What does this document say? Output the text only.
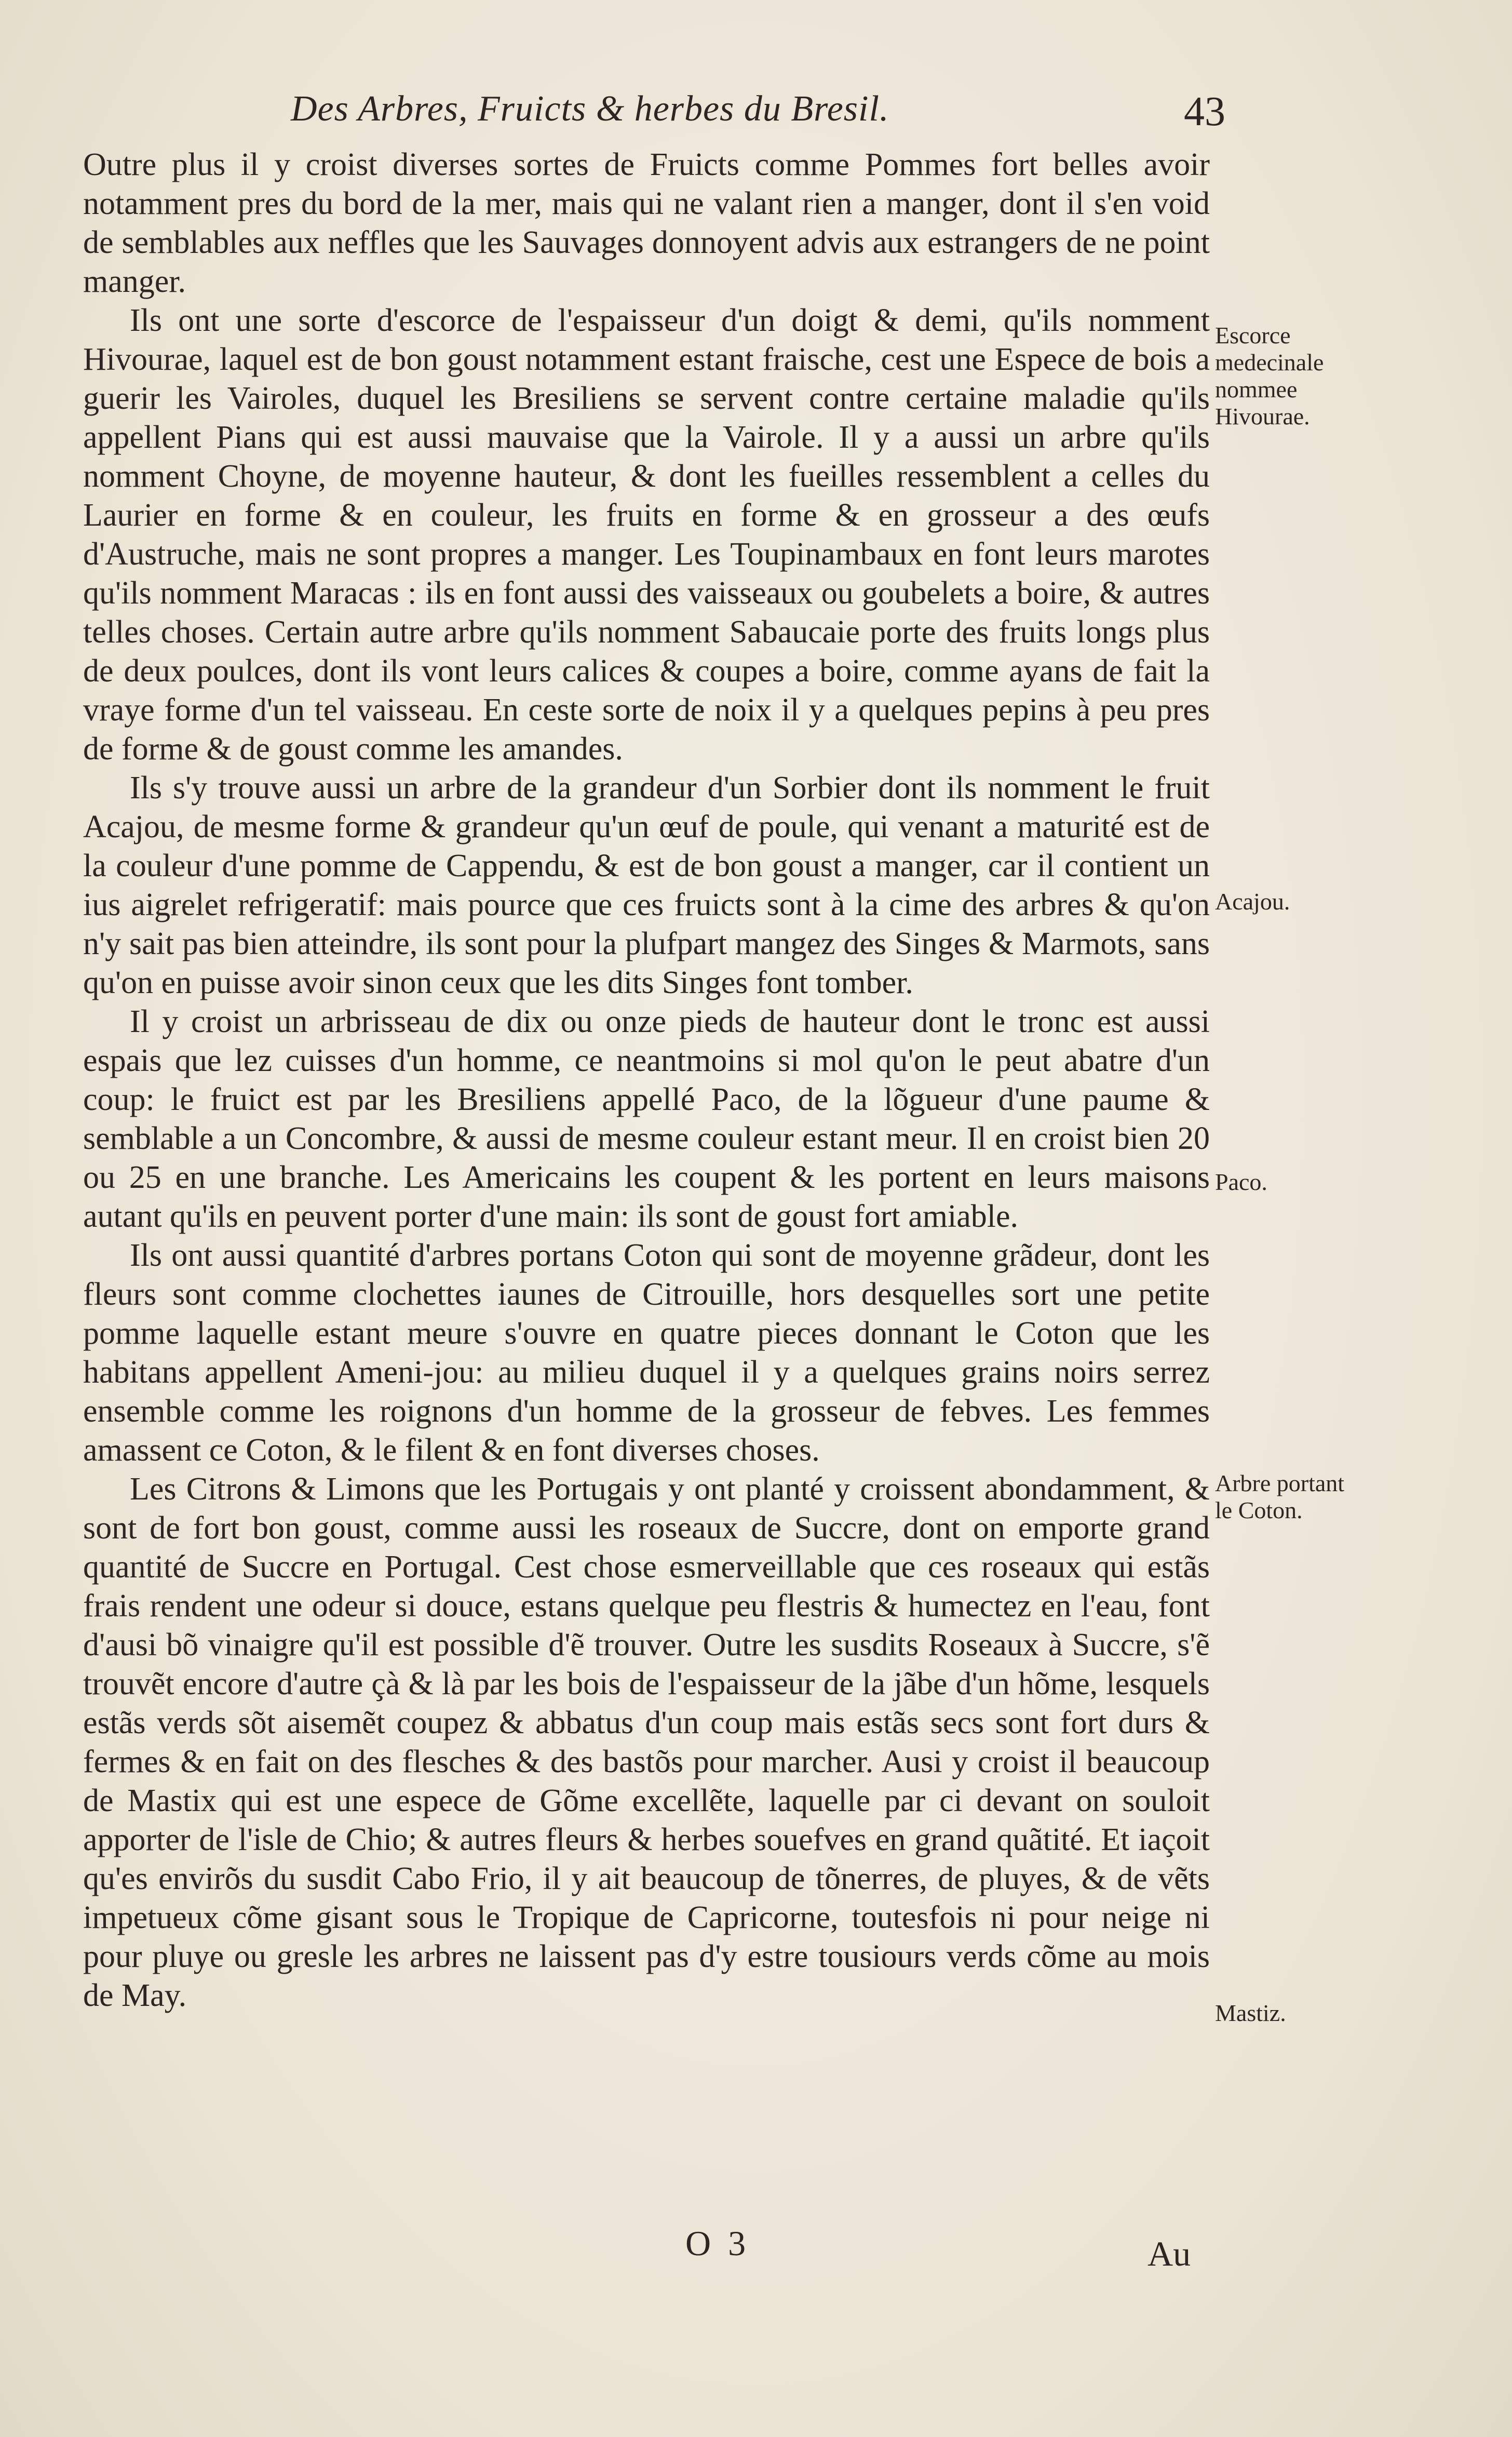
Des Arbres, Fruicts & herbes du Bresil.	43

Outre plus il y croist diverses sortes de Fruicts comme Pommes fort belles avoir notamment pres du bord de la mer, mais qui ne valant rien a manger, dont il s'en void de semblables aux neffles que les Sauvages donnoyent advis aux estrangers de ne point manger.

Ils ont une sorte d'escorce de l'espaisseur d'un doigt & demi, qu'ils nomment Hivourae, laquel est de bon goust notamment estant fraische, cest une Espece de bois a guerir les Vairoles, duquel les Bresiliens se servent contre certaine maladie qu'ils appellent Pians qui est aussi mauvaise que la Vairole. Il y a aussi un arbre qu'ils nomment Choyne, de moyenne hauteur, & dont les fueilles ressemblent a celles du Laurier en forme & en couleur, les fruits en forme & en grosseur a des œufs d'Austruche, mais ne sont propres a manger. Les Toupinambaux en font leurs marotes qu'ils nomment Maracas : ils en font aussi des vaisseaux ou goubelets a boire, & autres telles choses. Certain autre arbre qu'ils nomment Sabaucaie porte des fruits longs plus de deux poulces, dont ils vont leurs calices & coupes a boire, comme ayans de fait la vraye forme d'un tel vaisseau. En ceste sorte de noix il y a quelques pepins à peu pres de forme & de goust comme les amandes.

Ils s'y trouve aussi un arbre de la grandeur d'un Sorbier dont ils nomment le fruit Acajou, de mesme forme & grandeur qu'un œuf de poule, qui venant a maturité est de la couleur d'une pomme de Cappendu, & est de bon goust a manger, car il contient un ius aigrelet refrigeratif: mais pource que ces fruicts sont à la cime des arbres & qu'on n'y sait pas bien atteindre, ils sont pour la plufpart mangez des Singes & Marmots, sans qu'on en puisse avoir sinon ceux que les dits Singes font tomber.

Il y croist un arbrisseau de dix ou onze pieds de hauteur dont le tronc est aussi espais que lez cuisses d'un homme, ce neantmoins si mol qu'on le peut abatre d'un coup: le fruict est par les Bresiliens appellé Paco, de la lõgueur d'une paume & semblable a un Concombre, & aussi de mesme couleur estant meur. Il en croist bien 20 ou 25 en une branche. Les Americains les coupent & les portent en leurs maisons autant qu'ils en peuvent porter d'une main: ils sont de goust fort amiable.

Ils ont aussi quantité d'arbres portans Coton qui sont de moyenne grãdeur, dont les fleurs sont comme clochettes iaunes de Citrouille, hors desquelles sort une petite pomme laquelle estant meure s'ouvre en quatre pieces donnant le Coton que les habitans appellent Ameni-jou: au milieu duquel il y a quelques grains noirs serrez ensemble comme les roignons d'un homme de la grosseur de febves. Les femmes amassent ce Coton, & le filent & en font diverses choses.

Les Citrons & Limons que les Portugais y ont planté y croissent abondamment, & sont de fort bon goust, comme aussi les roseaux de Succre, dont on emporte grand quantité de Succre en Portugal. Cest chose esmerveillable que ces roseaux qui estãs frais rendent une odeur si douce, estans quelque peu flestris & humectez en l'eau, font d'ausi bõ vinaigre qu'il est possible d'ẽ trouver. Outre les susdits Roseaux à Succre, s'ẽ trouvẽt encore d'autre çà & là par les bois de l'espaisseur de la jãbe d'un hõme, lesquels estãs verds sõt aisemẽt coupez & abbatus d'un coup mais estãs secs sont fort durs & fermes & en fait on des flesches & des bastõs pour marcher. Ausi y croist il beaucoup de Mastix qui est une espece de Gõme excellẽte, laquelle par ci devant on souloit apporter de l'isle de Chio; & autres fleurs & herbes souefves en grand quãtité. Et iaçoit qu'es envirõs du susdit Cabo Frio, il y ait beaucoup de tõnerres, de pluyes, & de vẽts impetueux cõme gisant sous le Tropique de Capricorne, toutesfois ni pour neige ni pour pluye ou gresle les arbres ne laissent pas d'y estre tousiours verds cõme au mois de May.

Escorce medecinale nommee Hivourae.
Acajou.
Paco.
Arbre portant le Coton.
Mastiz.
O 3	Au
